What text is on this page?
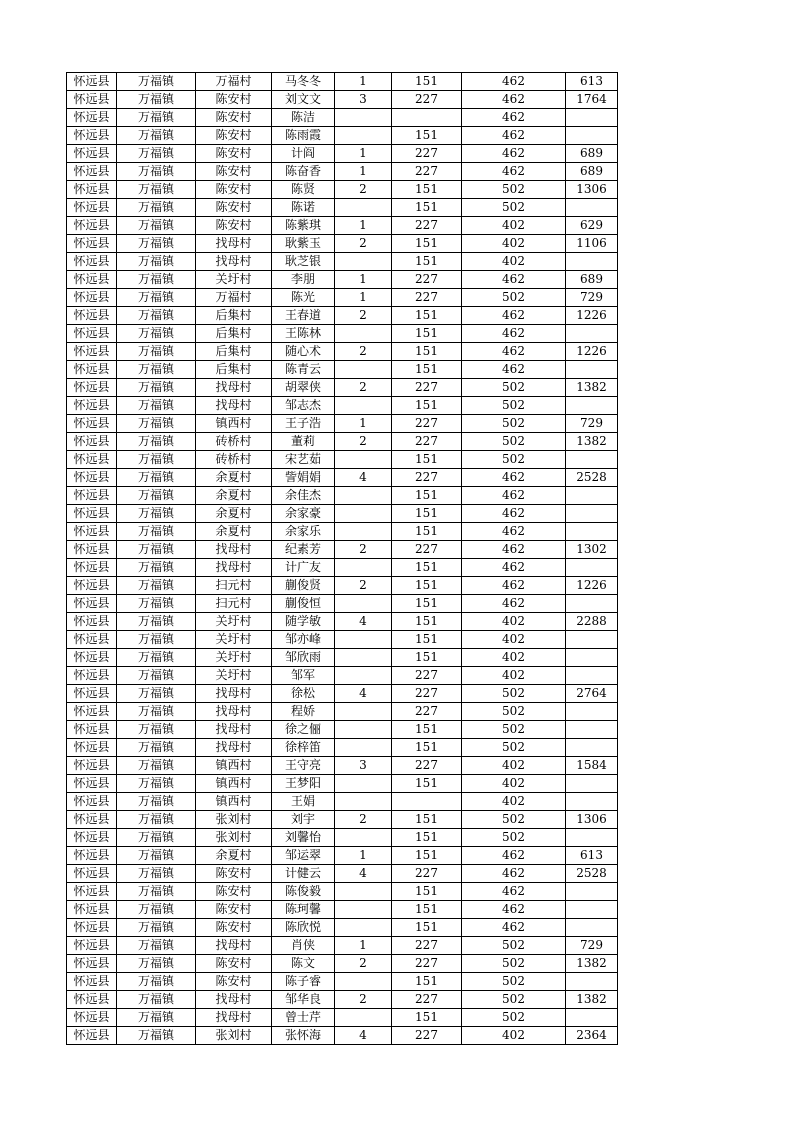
怀远县	万福镇	万福村	马冬冬	1	151	462	613
怀远县	万福镇	陈安村	刘文文	3	227	462	1764
怀远县	万福镇	陈安村	陈洁			462	
怀远县	万福镇	陈安村	陈雨霞		151	462	
怀远县	万福镇	陈安村	计阎	1	227	462	689
怀远县	万福镇	陈安村	陈奋香	1	227	462	689
怀远县	万福镇	陈安村	陈贤	2	151	502	1306
怀远县	万福镇	陈安村	陈诺		151	502	
怀远县	万福镇	陈安村	陈紫琪	1	227	402	629
怀远县	万福镇	找母村	耿紫玉	2	151	402	1106
怀远县	万福镇	找母村	耿芝银		151	402	
怀远县	万福镇	关圩村	李朋	1	227	462	689
怀远县	万福镇	万福村	陈光	1	227	502	729
怀远县	万福镇	后集村	王春道	2	151	462	1226
怀远县	万福镇	后集村	王陈林		151	462	
怀远县	万福镇	后集村	随心术	2	151	462	1226
怀远县	万福镇	后集村	陈青云		151	462	
怀远县	万福镇	找母村	胡翠侠	2	227	502	1382
怀远县	万福镇	找母村	邹志杰		151	502	
怀远县	万福镇	镇西村	王子浩	1	227	502	729
怀远县	万福镇	砖桥村	董莉	2	227	502	1382
怀远县	万福镇	砖桥村	宋艺茹		151	502	
怀远县	万福镇	余夏村	訾娟娟	4	227	462	2528
怀远县	万福镇	余夏村	余佳杰		151	462	
怀远县	万福镇	余夏村	余家豪		151	462	
怀远县	万福镇	余夏村	余家乐		151	462	
怀远县	万福镇	找母村	纪素芳	2	227	462	1302
怀远县	万福镇	找母村	计广友		151	462	
怀远县	万福镇	扫元村	蒯俊贤	2	151	462	1226
怀远县	万福镇	扫元村	蒯俊恒		151	462	
怀远县	万福镇	关圩村	随学敏	4	151	402	2288
怀远县	万福镇	关圩村	邹亦峰		151	402	
怀远县	万福镇	关圩村	邹欣雨		151	402	
怀远县	万福镇	关圩村	邹军		227	402	
怀远县	万福镇	找母村	徐松	4	227	502	2764
怀远县	万福镇	找母村	程娇		227	502	
怀远县	万福镇	找母村	徐之俪		151	502	
怀远县	万福镇	找母村	徐梓笛		151	502	
怀远县	万福镇	镇西村	王守亮	3	227	402	1584
怀远县	万福镇	镇西村	王梦阳		151	402	
怀远县	万福镇	镇西村	王娟			402	
怀远县	万福镇	张刘村	刘宇	2	151	502	1306
怀远县	万福镇	张刘村	刘馨怡		151	502	
怀远县	万福镇	余夏村	邹运翠	1	151	462	613
怀远县	万福镇	陈安村	计健云	4	227	462	2528
怀远县	万福镇	陈安村	陈俊毅		151	462	
怀远县	万福镇	陈安村	陈珂馨		151	462	
怀远县	万福镇	陈安村	陈欣悦		151	462	
怀远县	万福镇	找母村	肖侠	1	227	502	729
怀远县	万福镇	陈安村	陈文	2	227	502	1382
怀远县	万福镇	陈安村	陈子睿		151	502	
怀远县	万福镇	找母村	邹华良	2	227	502	1382
怀远县	万福镇	找母村	曾士芹		151	502	
怀远县	万福镇	张刘村	张怀海	4	227	402	2364
